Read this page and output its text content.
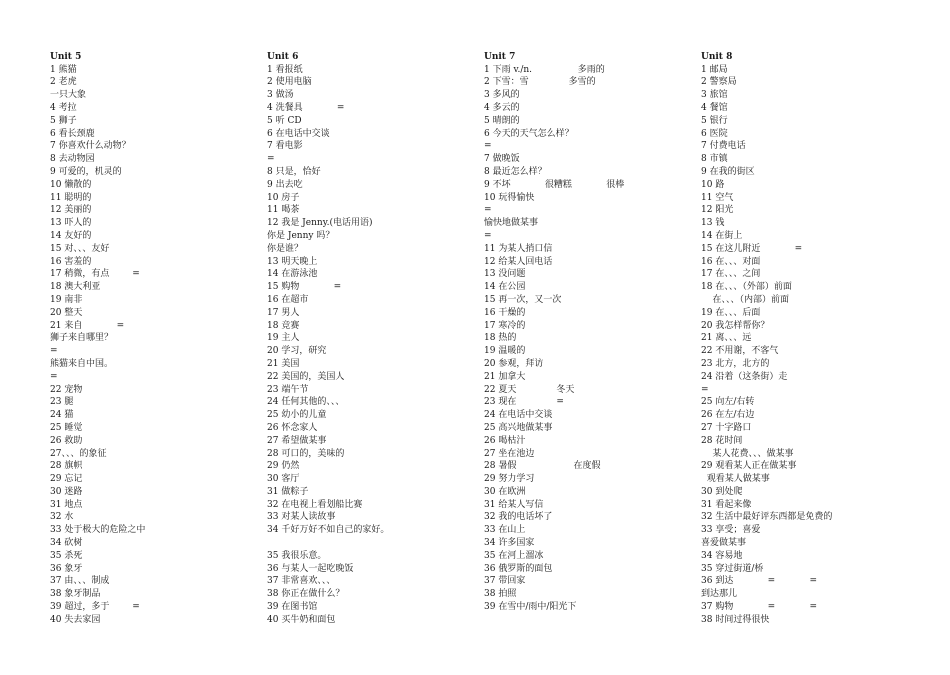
Unit 5
1 熊猫
2 老虎
一只大象
4 考拉
5 狮子
6 看长颈鹿
7 你喜欢什么动物？
8 去动物园
9 可爱的，机灵的
10 懒散的
11 聪明的
12 美丽的
13 吓人的
14 友好的
15 对、、、友好
16 害羞的
17 稍微，有点        =
18 澳大利亚
19 南非
20 整天
21 来自            =
狮子来自哪里？
=
熊猫来自中国。
=
22 宠物
23 腿
24 猫
25 睡觉
26 救助
27、、、的象征
28 旗帜
29 忘记
30 迷路
31 地点
32 水
33 处于极大的危险之中
34 砍树
35 杀死
36 象牙
37 由、、、制成
38 象牙制品
39 超过，多于        =
40 失去家园
Unit 6
1 看报纸
2 使用电脑
3 做汤
4 洗餐具            =
5 听 CD
6 在电话中交谈
7 看电影
=
8 只是，恰好
9 出去吃
10 房子
11 喝茶
12 我是 Jenny.(电话用语)
你是 Jenny 吗？
你是谁？
13 明天晚上
14 在游泳池
15 购物            =
16 在超市
17 男人
18 竞赛
19 主人
20 学习，研究
21 美国
22 美国的，美国人
23 端午节
24 任何其他的、、、
25 幼小的儿童
26 怀念家人
27 希望做某事
28 可口的，美味的
29 仍然
30 客厅
31 做粽子
32 在电视上看划船比赛
33 对某人读故事
34 千好万好不如自己的家好。
35 我很乐意。
36 与某人一起吃晚饭
37 非常喜欢、、、
38 你正在做什么？
39 在图书馆
40 买牛奶和面包
Unit 7
1 下雨 v./n.                多雨的
2 下雪：雪              多雪的
3 多风的
4 多云的
5 晴朗的
6 今天的天气怎么样？
=
7 做晚饭
8 最近怎么样？
9 不坏            很糟糕            很棒
10 玩得愉快
=
愉快地做某事
=
11 为某人捎口信
12 给某人回电话
13 没问题
14 在公园
15 再一次，又一次
16 干燥的
17 寒冷的
18 热的
19 温暖的
20 参观，拜访
21 加拿大
22 夏天              冬天
23 现在              =
24 在电话中交谈
25 高兴地做某事
26 喝枯汁
27 坐在池边
28 暑假                    在度假
29 努力学习
30 在欧洲
31 给某人写信
32 我的电话坏了
33 在山上
34 许多国家
35 在河上溜冰
36 俄罗斯的面包
37 带回家
38 拍照
39 在雪中/雨中/阳光下
Unit 8
1 邮局
2 警察局
3 旅馆
4 餐馆
5 银行
6 医院
7 付费电话
8 市镇
9 在我的街区
10 路
11 空气
12 阳光
13 钱
14 在街上
15 在这儿附近            =
16 在、、、对面
17 在、、、之间
18 在、、、（外部）前面
在、、、（内部）前面
19 在、、、后面
20 我怎样帮你？
21 离、、、远
22 不用谢，不客气
23 北方，北方的
24 沿着（这条街）走
=
25 向左/右转
26 在左/右边
27 十字路口
28 花时间
某人花费、、、做某事
29 观看某人正在做某事
观看某人做某事
30 到处爬
31 看起来像
32 生活中最好评东西都是免费的
33 享受；喜爱
喜爱做某事
34 容易地
35 穿过街道/桥
36 到达            =            =
到达那儿
37 购物            =            =
38 时间过得很快
